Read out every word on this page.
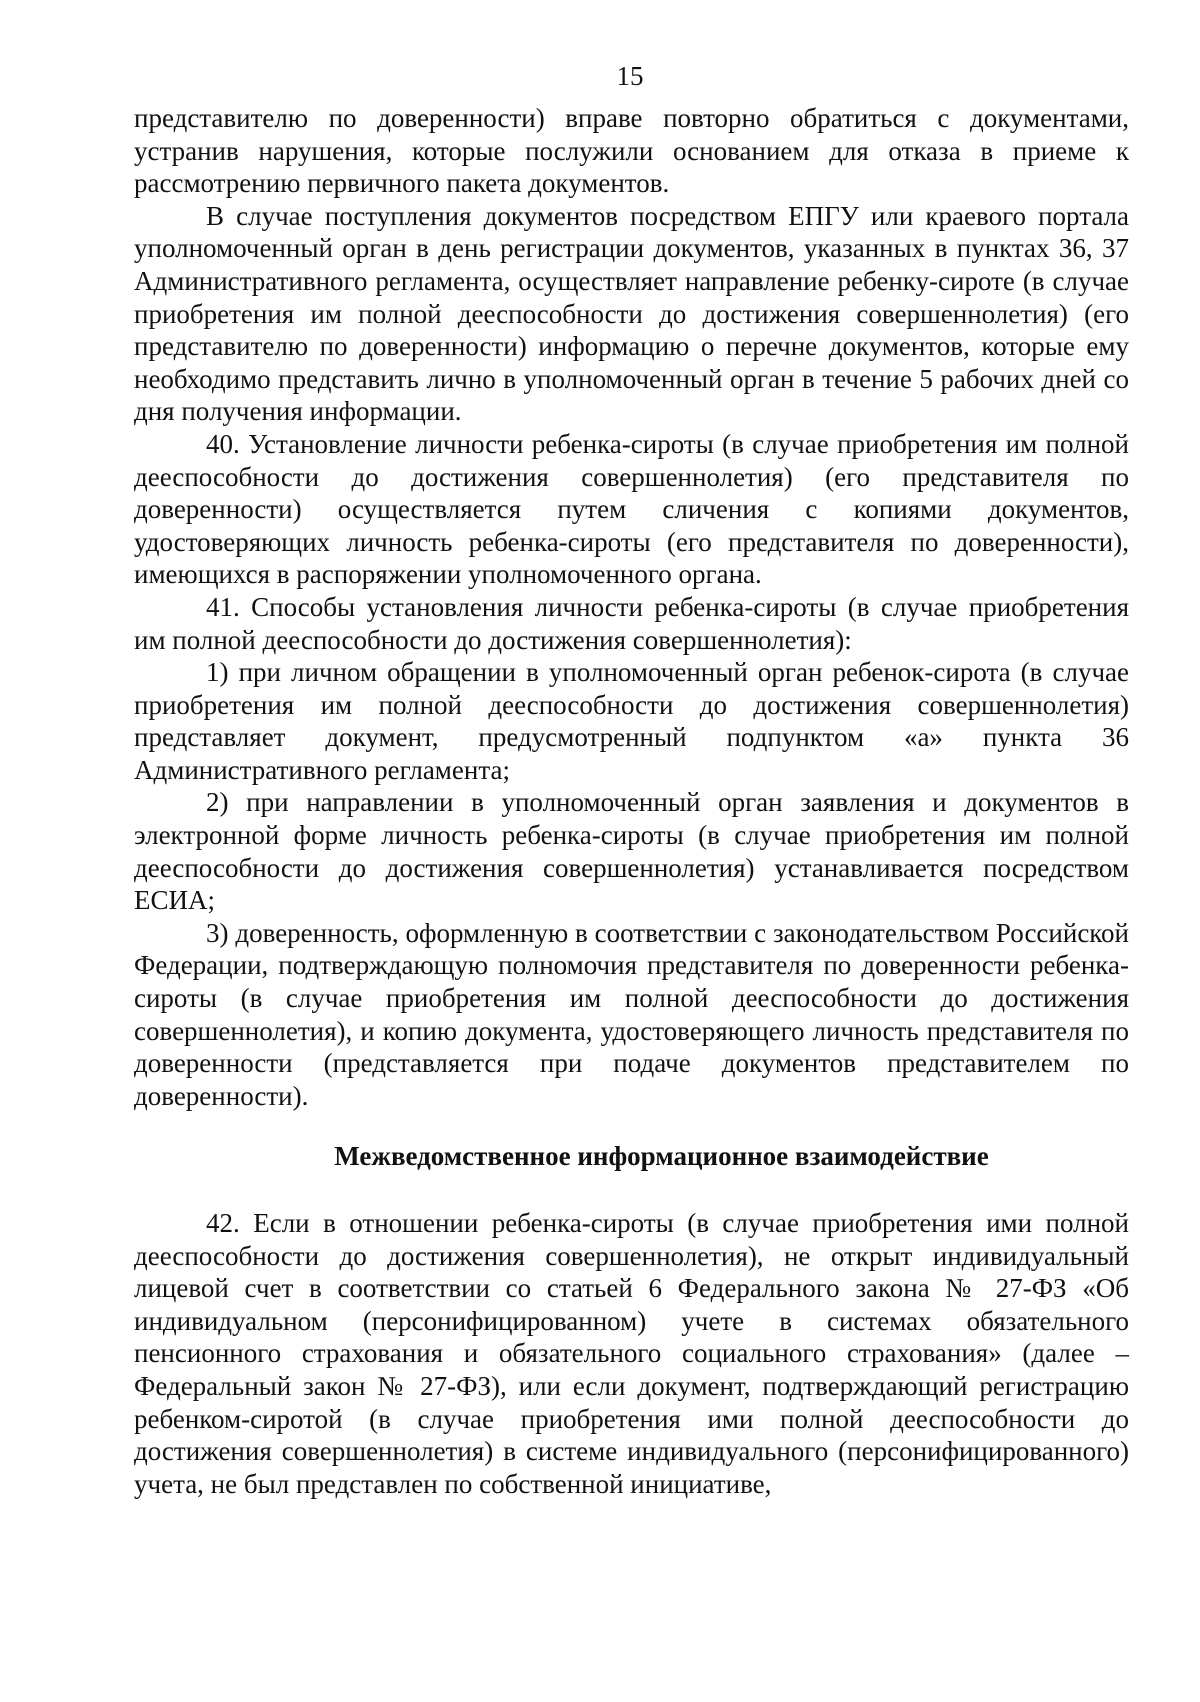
15

представителю по доверенности) вправе повторно обратиться с документами, устранив нарушения, которые послужили основанием для отказа в приеме к рассмотрению первичного пакета документов.

В случае поступления документов посредством ЕПГУ или краевого портала уполномоченный орган в день регистрации документов, указанных в пунктах 36, 37 Административного регламента, осуществляет направление ребенку-сироте (в случае приобретения им полной дееспособности до достижения совершеннолетия) (его представителю по доверенности) информацию о перечне документов, которые ему необходимо представить лично в уполномоченный орган в течение 5 рабочих дней со дня получения информации.

40. Установление личности ребенка-сироты (в случае приобретения им полной дееспособности до достижения совершеннолетия) (его представителя по доверенности) осуществляется путем сличения с копиями документов, удостоверяющих личность ребенка-сироты (его представителя по доверенности), имеющихся в распоряжении уполномоченного органа.

41. Способы установления личности ребенка-сироты (в случае приобретения им полной дееспособности до достижения совершеннолетия):

1) при личном обращении в уполномоченный орган ребенок-сирота (в случае приобретения им полной дееспособности до достижения совершеннолетия) представляет документ, предусмотренный подпунктом «а» пункта 36 Административного регламента;

2) при направлении в уполномоченный орган заявления и документов в электронной форме личность ребенка-сироты (в случае приобретения им полной дееспособности до достижения совершеннолетия) устанавливается посредством ЕСИА;

3) доверенность, оформленную в соответствии с законодательством Российской Федерации, подтверждающую полномочия представителя по доверенности ребенка-сироты (в случае приобретения им полной дееспособности до достижения совершеннолетия), и копию документа, удостоверяющего личность представителя по доверенности (представляется при подаче документов представителем по доверенности).

Межведомственное информационное взаимодействие

42. Если в отношении ребенка-сироты (в случае приобретения ими полной дееспособности до достижения совершеннолетия), не открыт индивидуальный лицевой счет в соответствии со статьей 6 Федерального закона № 27-ФЗ «Об индивидуальном (персонифицированном) учете в системах обязательного пенсионного страхования и обязательного социального страхования» (далее – Федеральный закон № 27-ФЗ), или если документ, подтверждающий регистрацию ребенком-сиротой (в случае приобретения ими полной дееспособности до достижения совершеннолетия) в системе индивидуального (персонифицированного) учета, не был представлен по собственной инициативе,
